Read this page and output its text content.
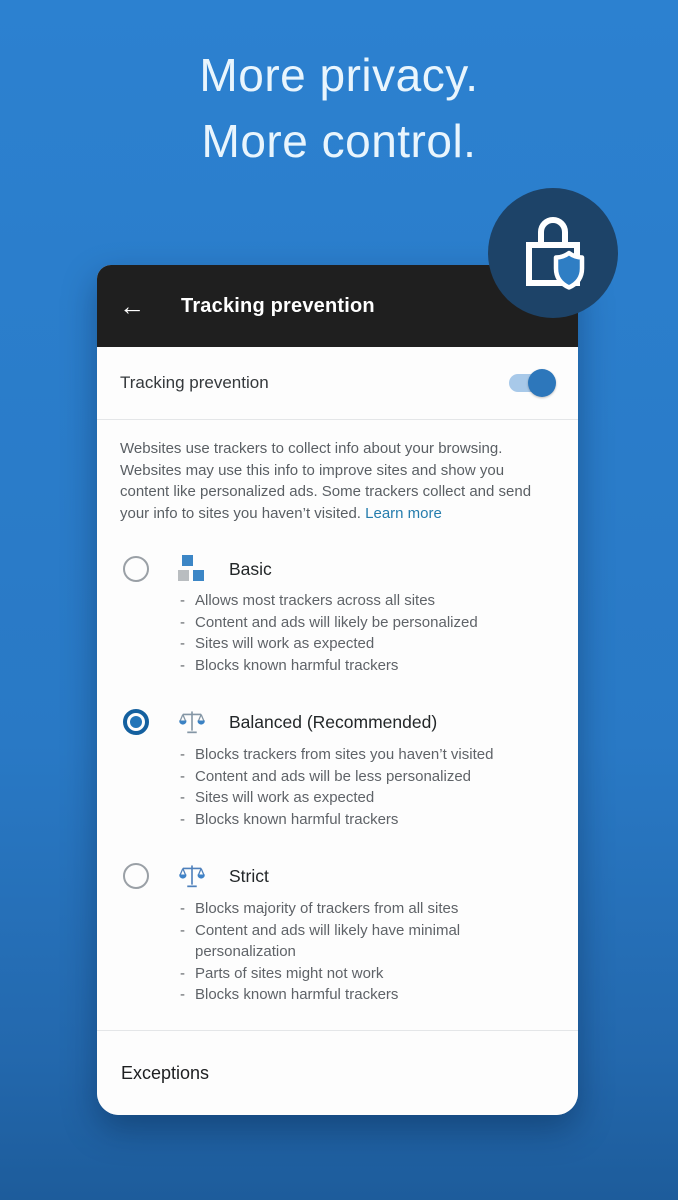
More privacy.
More control.
←	Tracking prevention
Tracking prevention
Websites use trackers to collect info about your browsing. Websites may use this info to improve sites and show you content like personalized ads. Some trackers collect and send your info to sites you haven’t visited. Learn more
Basic
- Allows most trackers across all sites
- Content and ads will likely be personalized
- Sites will work as expected
- Blocks known harmful trackers
Balanced (Recommended)
- Blocks trackers from sites you haven’t visited
- Content and ads will be less personalized
- Sites will work as expected
- Blocks known harmful trackers
Strict
- Blocks majority of trackers from all sites
- Content and ads will likely have minimal personalization
- Parts of sites might not work
- Blocks known harmful trackers
Exceptions
